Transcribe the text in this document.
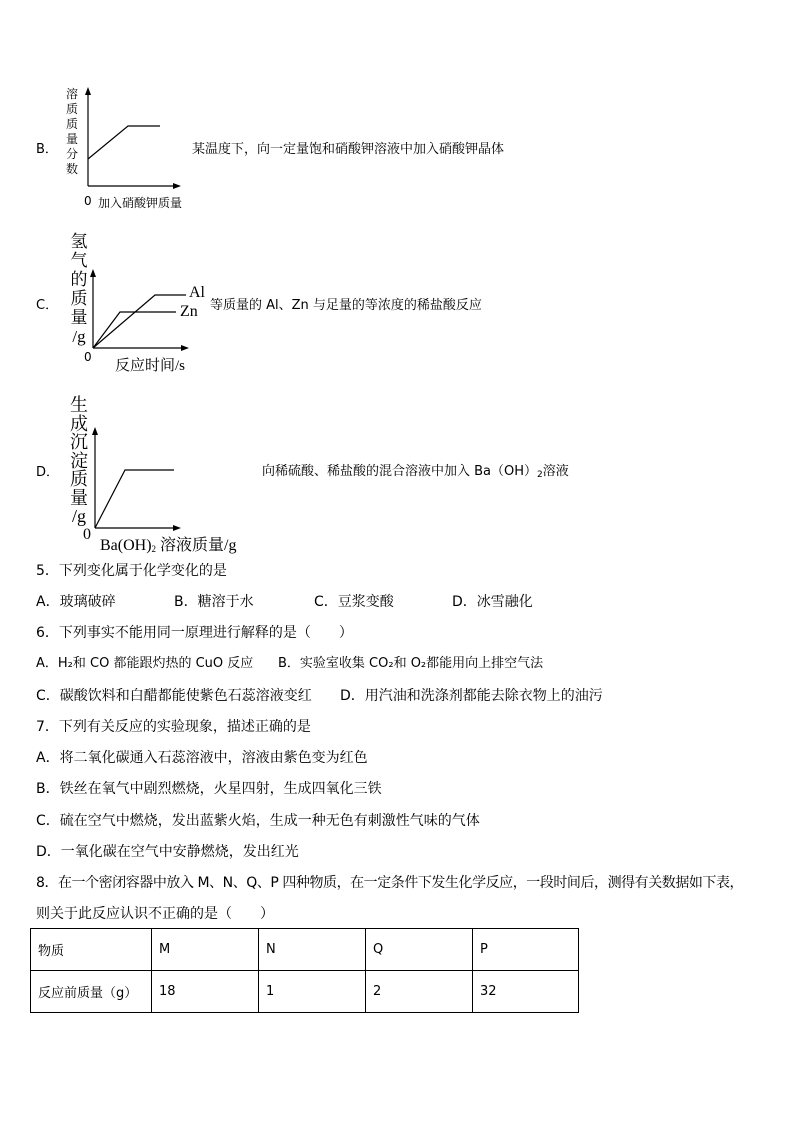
B．
溶
质
质
量
分
数
0 加入硝酸钾质量
某温度下，向一定量饱和硝酸钾溶液中加入硝酸钾晶体
C．
氢
气
的
质
量
/g
Al
Zn
0
反应时间/s
等质量的 Al、Zn 与足量的等浓度的稀盐酸反应
D．
生
成
沉
淀
质
量
/g
0
$Ba(OH)_2$ 溶液质量/g
向稀硫酸、稀盐酸的混合溶液中加入 $Ba(OH)_2$溶液
5．下列变化属于化学变化的是
A．玻璃破碎	B．糖溶于水	C．豆浆变酸	D．冰雪融化
6．下列事实不能用同一原理进行解释的是（　　）
A．H₂和 CO 都能跟灼热的 CuO 反应 B．实验室收集 CO₂和 O₂都能用向上排空气法
C．碳酸饮料和白醋都能使紫色石蕊溶液变红 D．用汽油和洗涤剂都能去除衣物上的油污
7．下列有关反应的实验现象，描述正确的是
A．将二氧化碳通入石蕊溶液中，溶液由紫色变为红色
B．铁丝在氧气中剧烈燃烧，火星四射，生成四氧化三铁
C．硫在空气中燃烧，发出蓝紫火焰，生成一种无色有刺激性气味的气体
D．一氧化碳在空气中安静燃烧，发出红光
8．在一个密闭容器中放入 M、N、Q、P 四种物质，在一定条件下发生化学反应，一段时间后，测得有关数据如下表，
则关于此反应认识不正确的是（　　）
物质	M	N	Q	P
反应前质量（g）	18	1	2	32
